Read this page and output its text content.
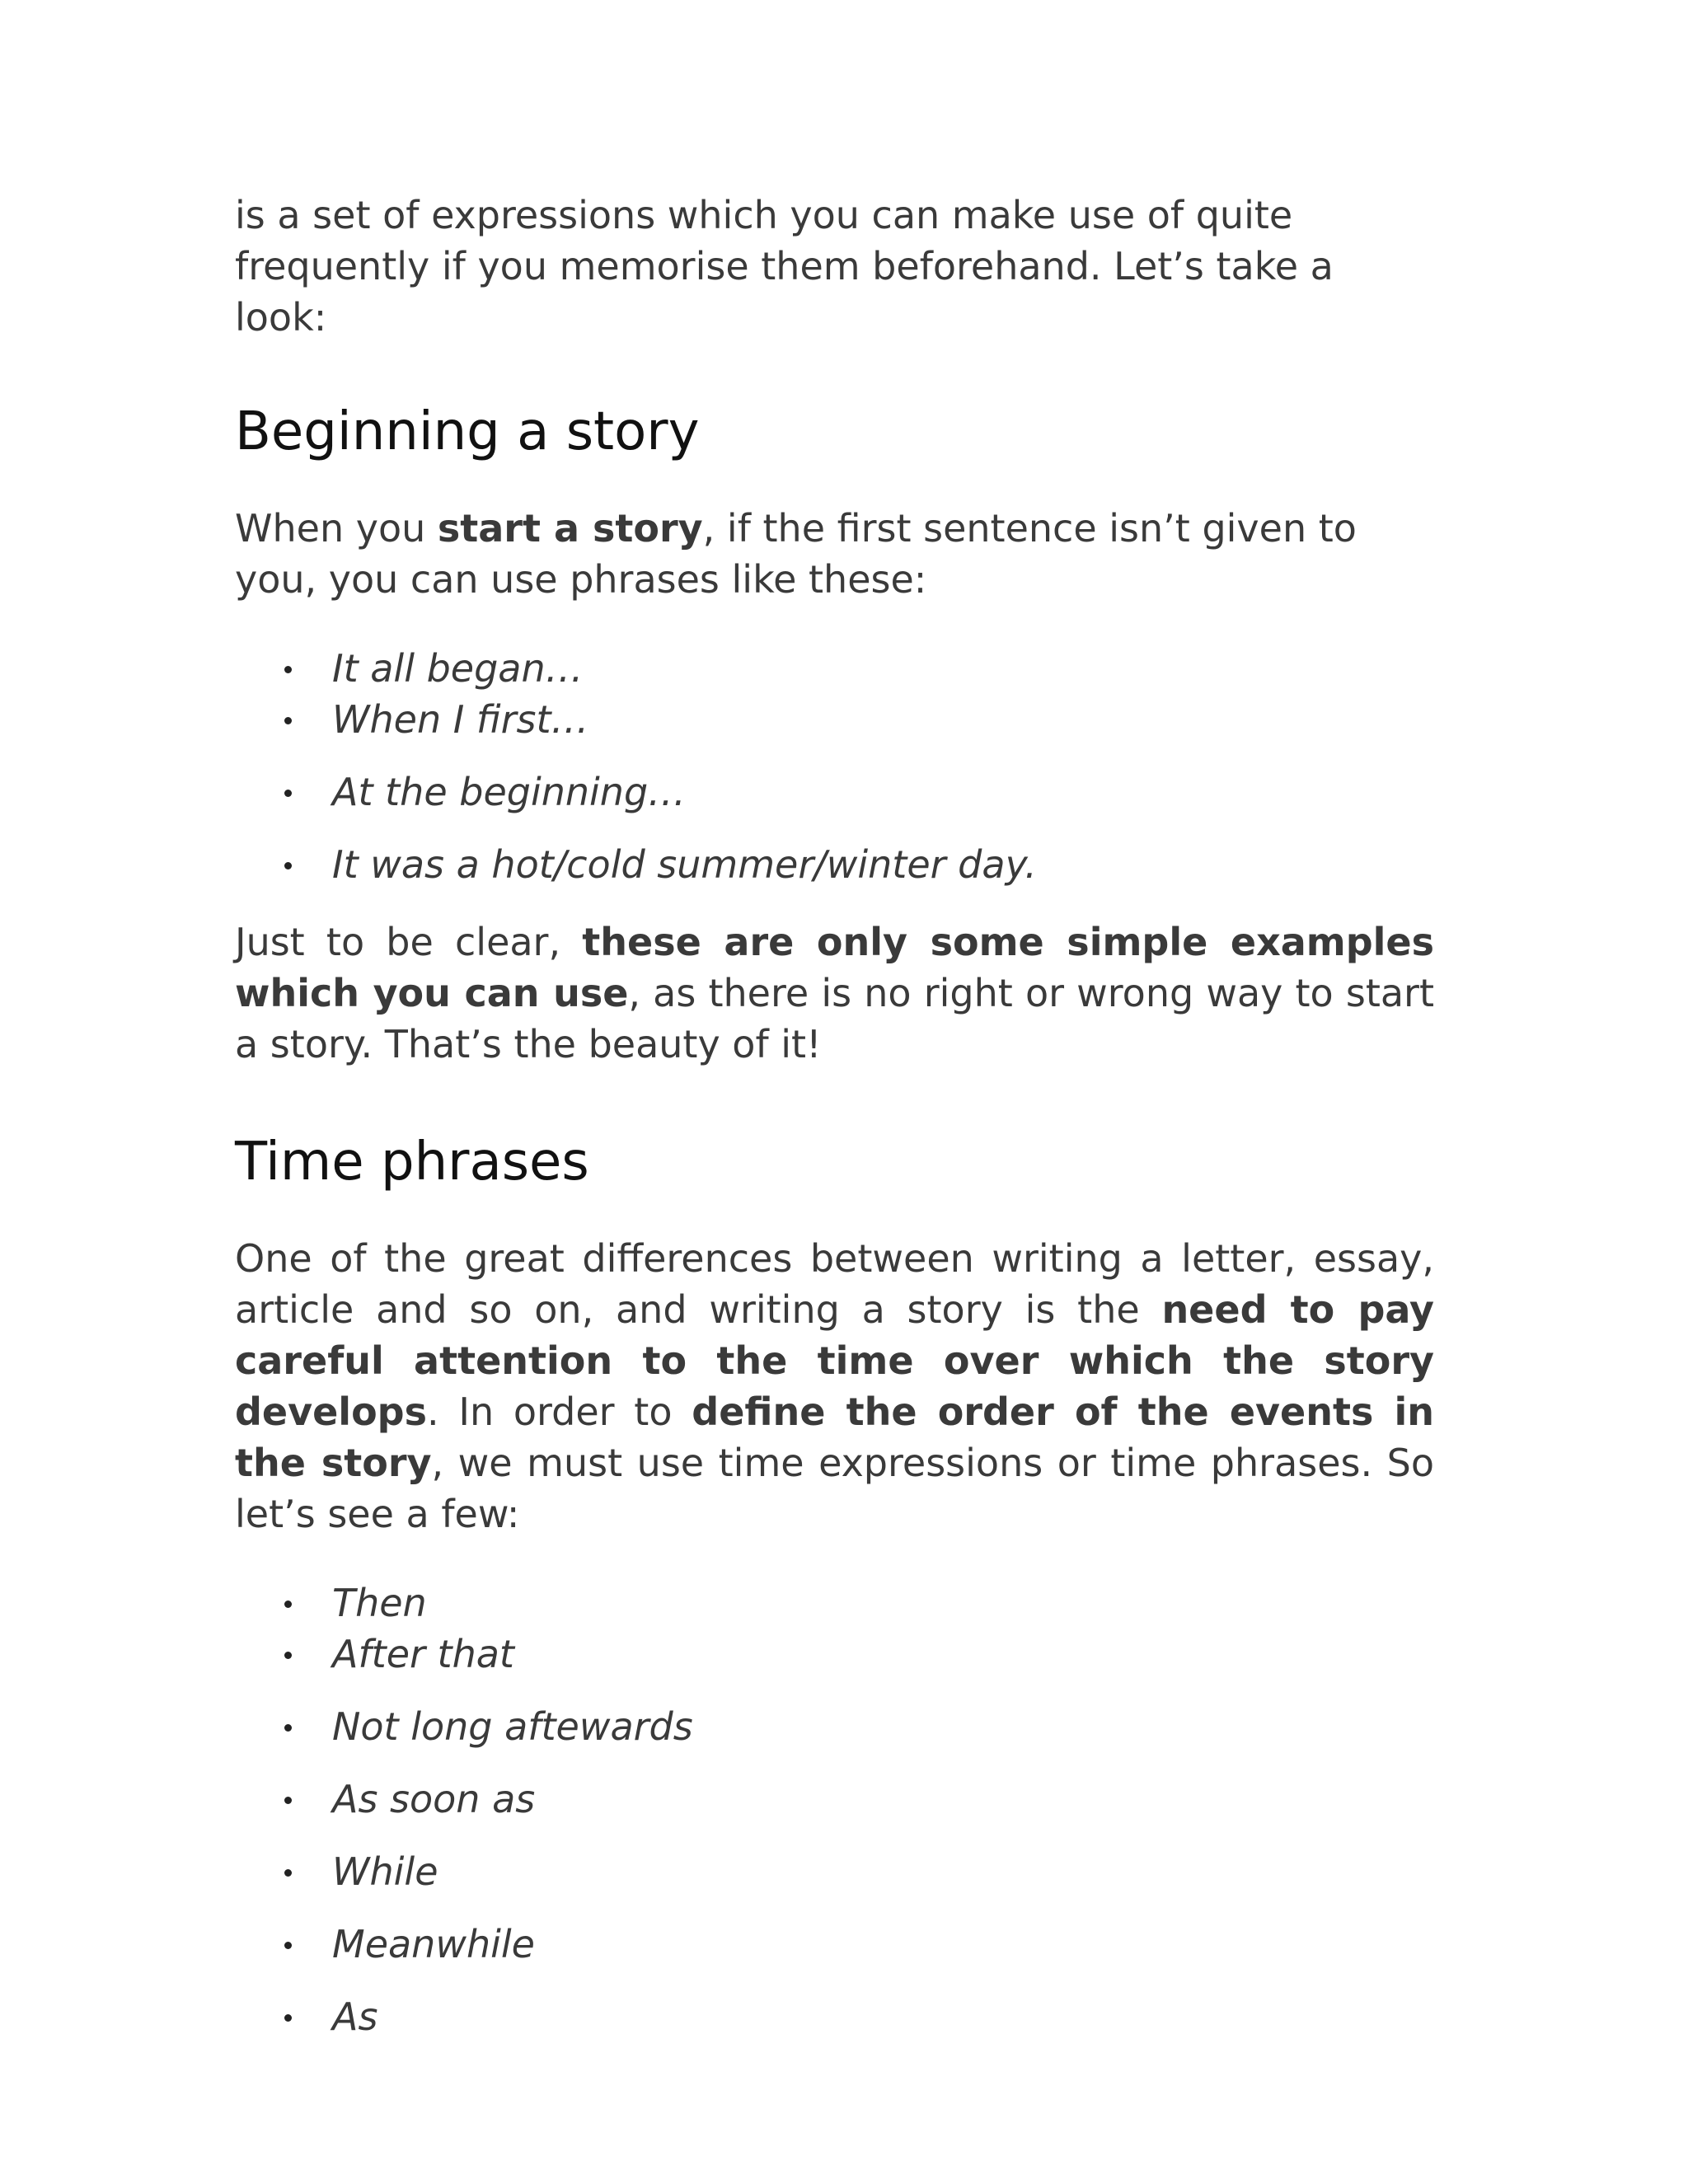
is a set of expressions which you can make use of quite frequently if you memorise them beforehand. Let’s take a look:

Beginning a story

When you start a story, if the first sentence isn’t given to you, you can use phrases like these:

It all began…
When I first…
At the beginning…
It was a hot/cold summer/winter day.

Just to be clear, these are only some simple examples which you can use, as there is no right or wrong way to start a story. That’s the beauty of it!

Time phrases

One of the great differences between writing a letter, essay, article and so on, and writing a story is the need to pay careful attention to the time over which the story develops. In order to define the order of the events in the story, we must use time expressions or time phrases. So let’s see a few:

Then
After that
Not long aftewards
As soon as
While
Meanwhile
As
